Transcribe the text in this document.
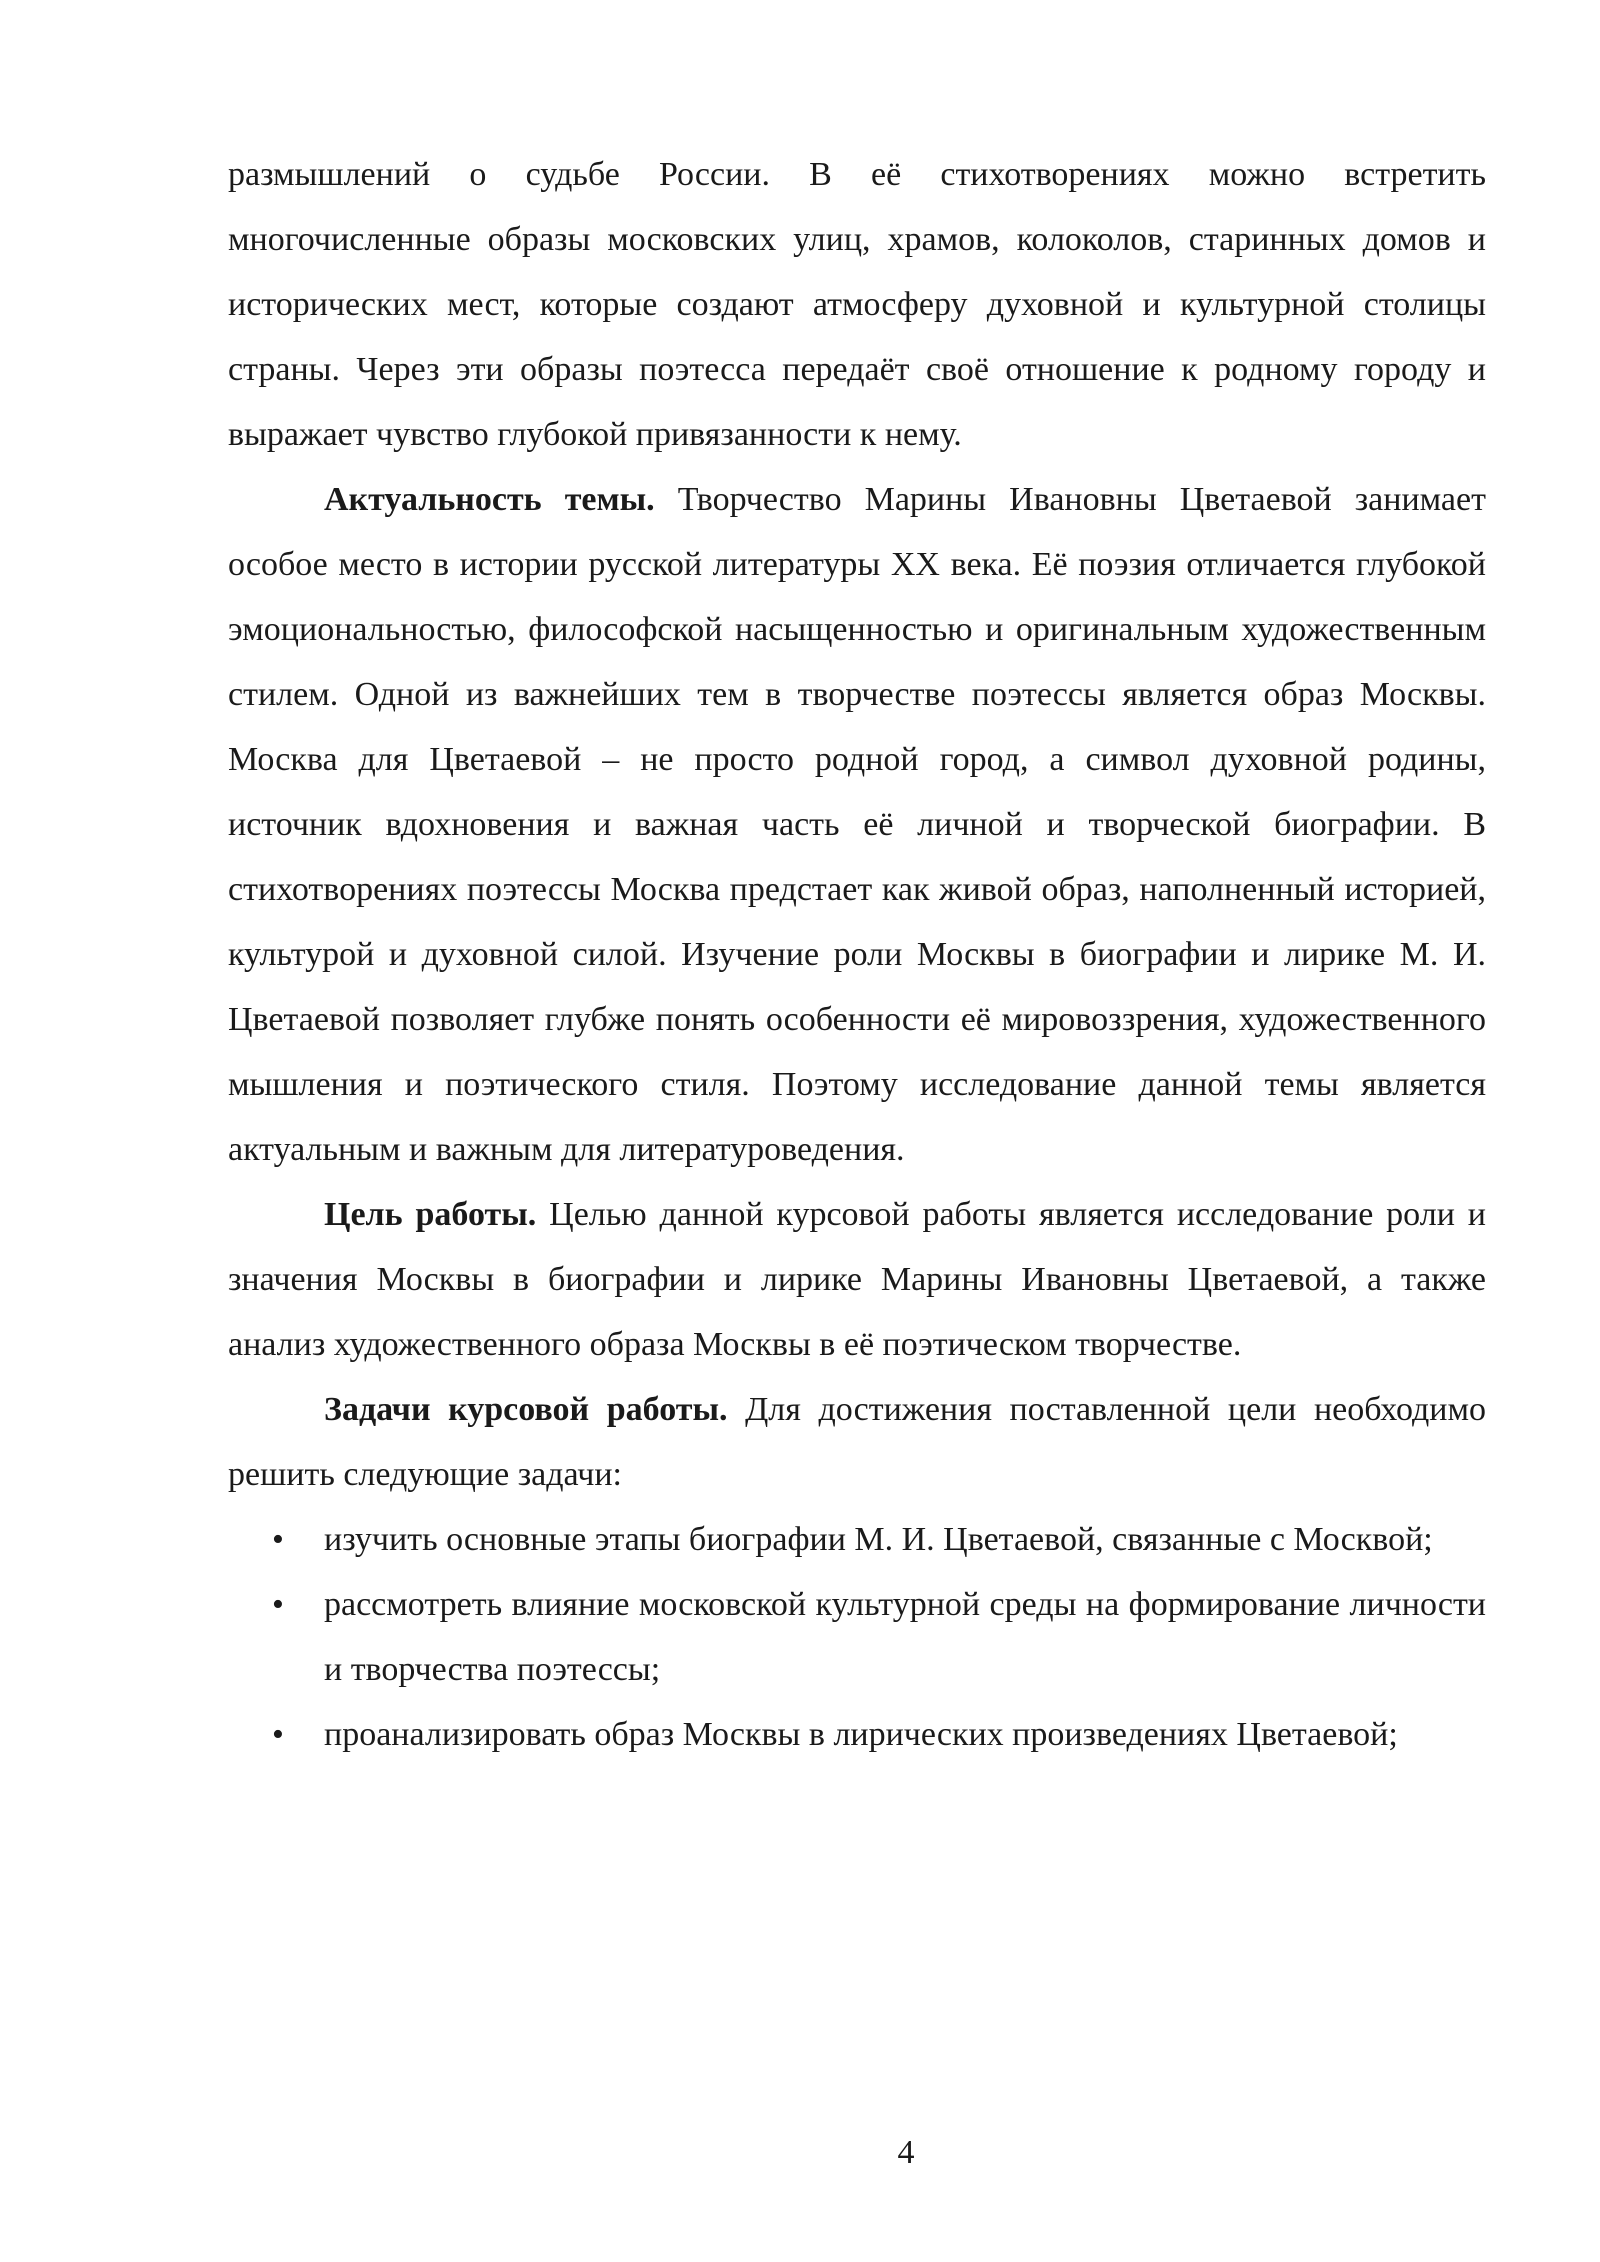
размышлений о судьбе России. В её стихотворениях можно встретить многочисленные образы московских улиц, храмов, колоколов, старинных домов и исторических мест, которые создают атмосферу духовной и культурной столицы страны. Через эти образы поэтесса передаёт своё отношение к родному городу и выражает чувство глубокой привязанности к нему.

Актуальность темы. Творчество Марины Ивановны Цветаевой занимает особое место в истории русской литературы XX века. Её поэзия отличается глубокой эмоциональностью, философской насыщенностью и оригинальным художественным стилем. Одной из важнейших тем в творчестве поэтессы является образ Москвы. Москва для Цветаевой – не просто родной город, а символ духовной родины, источник вдохновения и важная часть её личной и творческой биографии. В стихотворениях поэтессы Москва предстает как живой образ, наполненный историей, культурой и духовной силой. Изучение роли Москвы в биографии и лирике М. И. Цветаевой позволяет глубже понять особенности её мировоззрения, художественного мышления и поэтического стиля. Поэтому исследование данной темы является актуальным и важным для литературоведения.

Цель работы. Целью данной курсовой работы является исследование роли и значения Москвы в биографии и лирике Марины Ивановны Цветаевой, а также анализ художественного образа Москвы в её поэтическом творчестве.

Задачи курсовой работы. Для достижения поставленной цели необходимо решить следующие задачи:

• изучить основные этапы биографии М. И. Цветаевой, связанные с Москвой;
• рассмотреть влияние московской культурной среды на формирование личности и творчества поэтессы;
• проанализировать образ Москвы в лирических произведениях Цветаевой;
4
